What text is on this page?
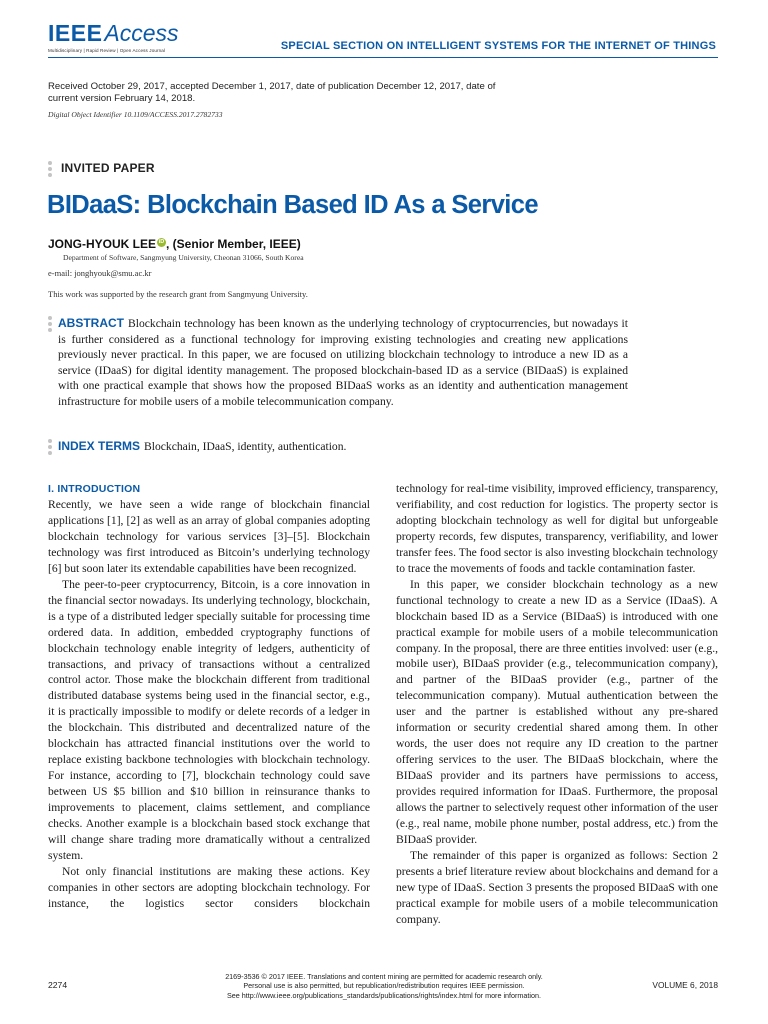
IEEEAccess
Multidisciplinary | Rapid Review | Open Access Journal	SPECIAL SECTION ON INTELLIGENT SYSTEMS FOR THE INTERNET OF THINGS
Received October 29, 2017, accepted December 1, 2017, date of publication December 12, 2017, date of current version February 14, 2018.
Digital Object Identifier 10.1109/ACCESS.2017.2782733
INVITED PAPER
BIDaaS: Blockchain Based ID As a Service
JONG-HYOUK LEE iD , (Senior Member, IEEE)
Department of Software, Sangmyung University, Cheonan 31066, South Korea
e-mail: jonghyouk@smu.ac.kr
This work was supported by the research grant from Sangmyung University.
ABSTRACT Blockchain technology has been known as the underlying technology of cryptocurrencies, but nowadays it is further considered as a functional technology for improving existing technologies and creating new applications previously never practical. In this paper, we are focused on utilizing blockchain technology to introduce a new ID as a service (IDaaS) for digital identity management. The proposed blockchain-based ID as a service (BIDaaS) is explained with one practical example that shows how the proposed BIDaaS works as an identity and authentication management infrastructure for mobile users of a mobile telecommunication company.
INDEX TERMS Blockchain, IDaaS, identity, authentication.
I. INTRODUCTION

Recently, we have seen a wide range of blockchain financial applications [1], [2] as well as an array of global companies adopting blockchain technology for various services [3]–[5]. Blockchain technology was first introduced as Bitcoin’s underlying technology [6] but soon later its extendable capabilities have been recognized.

The peer-to-peer cryptocurrency, Bitcoin, is a core innovation in the financial sector nowadays. Its underlying technology, blockchain, is a type of a distributed ledger specially suitable for processing time ordered data. In addition, embedded cryptography functions of blockchain technology enable integrity of ledgers, authenticity of transactions, and privacy of transactions without a centralized control actor. Those make the blockchain different from traditional distributed database systems being used in the financial sector, e.g., it is practically impossible to modify or delete records of a ledger in the blockchain. This distributed and decentralized nature of the blockchain has attracted financial institutions over the world to replace existing backbone technologies with blockchain technology. For instance, according to [7], blockchain technology could save between US $5 billion and $10 billion in reinsurance thanks to improvements to placement, claims settlement, and compliance checks. Another example is a blockchain based stock exchange that will change share trading more dramatically without a centralized system.

Not only financial institutions are making these actions. Key companies in other sectors are adopting blockchain technology. For instance, the logistics sector considers blockchain

technology for real-time visibility, improved efficiency, transparency, verifiability, and cost reduction for logistics. The property sector is adopting blockchain technology as well for digital but unforgeable property records, few disputes, transparency, verifiability, and lower transfer fees. The food sector is also investing blockchain technology to trace the movements of foods and tackle contamination faster.

In this paper, we consider blockchain technology as a new functional technology to create a new ID as a Service (IDaaS). A blockchain based ID as a Service (BIDaaS) is introduced with one practical example for mobile users of a mobile telecommunication company. In the proposal, there are three entities involved: user (e.g., mobile user), BIDaaS provider (e.g., telecommunication company), and partner of the BIDaaS provider (e.g., partner of the telecommunication company). Mutual authentication between the user and the partner is established without any pre-shared information or security credential shared among them. In other words, the user does not require any ID creation to the partner offering services to the user. The BIDaaS blockchain, where the BIDaaS provider and its partners have permissions to access, provides required information for IDaaS. Furthermore, the proposal allows the partner to selectively request other information of the user (e.g., real name, mobile phone number, postal address, etc.) from the BIDaaS provider.

The remainder of this paper is organized as follows: Section 2 presents a brief literature review about blockchains and demand for a new type of IDaaS. Section 3 presents the proposed BIDaaS with one practical example for mobile users of a mobile telecommunication company.

2274
2169-3536 © 2017 IEEE. Translations and content mining are permitted for academic research only.
Personal use is also permitted, but republication/redistribution requires IEEE permission.
See http://www.ieee.org/publications_standards/publications/rights/index.html for more information.
VOLUME 6, 2018
